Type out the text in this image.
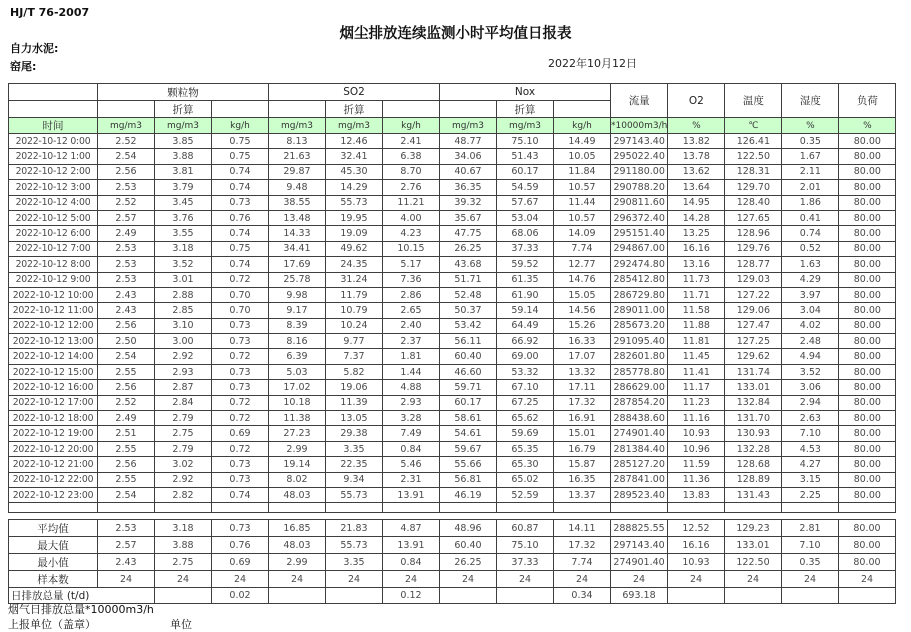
HJ/T 76-2007
烟尘排放连续监测小时平均值日报表
自力水泥:
窑尾:	2022年10月12日
	颗粒物			SO2			Nox			流量	O2	温度	湿度	负荷
		折算			折算			折算						
时间	mg/m3	mg/m3	kg/h	mg/m3	mg/m3	kg/h	mg/m3	mg/m3	kg/h	*10000m3/h	%	℃	%	%
2022-10-12 0:00	2.52	3.85	0.75	8.13	12.46	2.41	48.77	75.10	14.49	297143.40	13.82	126.41	0.35	80.00
2022-10-12 1:00	2.54	3.88	0.75	21.63	32.41	6.38	34.06	51.43	10.05	295022.40	13.78	122.50	1.67	80.00
2022-10-12 2:00	2.56	3.81	0.74	29.87	45.30	8.70	40.67	60.17	11.84	291180.00	13.62	128.31	2.11	80.00
2022-10-12 3:00	2.53	3.79	0.74	9.48	14.29	2.76	36.35	54.59	10.57	290788.20	13.64	129.70	2.01	80.00
2022-10-12 4:00	2.52	3.45	0.73	38.55	55.73	11.21	39.32	57.67	11.44	290811.60	14.95	128.40	1.86	80.00
2022-10-12 5:00	2.57	3.76	0.76	13.48	19.95	4.00	35.67	53.04	10.57	296372.40	14.28	127.65	0.41	80.00
2022-10-12 6:00	2.49	3.55	0.74	14.33	19.09	4.23	47.75	68.06	14.09	295151.40	13.25	128.96	0.74	80.00
2022-10-12 7:00	2.53	3.18	0.75	34.41	49.62	10.15	26.25	37.33	7.74	294867.00	16.16	129.76	0.52	80.00
2022-10-12 8:00	2.53	3.52	0.74	17.69	24.35	5.17	43.68	59.52	12.77	292474.80	13.16	128.77	1.63	80.00
2022-10-12 9:00	2.53	3.01	0.72	25.78	31.24	7.36	51.71	61.35	14.76	285412.80	11.73	129.03	4.29	80.00
2022-10-12 10:00	2.43	2.88	0.70	9.98	11.79	2.86	52.48	61.90	15.05	286729.80	11.71	127.22	3.97	80.00
2022-10-12 11:00	2.43	2.85	0.70	9.17	10.79	2.65	50.37	59.14	14.56	289011.00	11.58	129.06	3.04	80.00
2022-10-12 12:00	2.56	3.10	0.73	8.39	10.24	2.40	53.42	64.49	15.26	285673.20	11.88	127.47	4.02	80.00
2022-10-12 13:00	2.50	3.00	0.73	8.16	9.77	2.37	56.11	66.92	16.33	291095.40	11.81	127.25	2.48	80.00
2022-10-12 14:00	2.54	2.92	0.72	6.39	7.37	1.81	60.40	69.00	17.07	282601.80	11.45	129.62	4.94	80.00
2022-10-12 15:00	2.55	2.93	0.73	5.03	5.82	1.44	46.60	53.32	13.32	285778.80	11.41	131.74	3.52	80.00
2022-10-12 16:00	2.56	2.87	0.73	17.02	19.06	4.88	59.71	67.10	17.11	286629.00	11.17	133.01	3.06	80.00
2022-10-12 17:00	2.52	2.84	0.72	10.18	11.39	2.93	60.17	67.25	17.32	287854.20	11.23	132.84	2.94	80.00
2022-10-12 18:00	2.49	2.79	0.72	11.38	13.05	3.28	58.61	65.62	16.91	288438.60	11.16	131.70	2.63	80.00
2022-10-12 19:00	2.51	2.75	0.69	27.23	29.38	7.49	54.61	59.69	15.01	274901.40	10.93	130.93	7.10	80.00
2022-10-12 20:00	2.55	2.79	0.72	2.99	3.35	0.84	59.67	65.35	16.79	281384.40	10.96	132.28	4.53	80.00
2022-10-12 21:00	2.56	3.02	0.73	19.14	22.35	5.46	55.66	65.30	15.87	285127.20	11.59	128.68	4.27	80.00
2022-10-12 22:00	2.55	2.92	0.73	8.02	9.34	2.31	56.81	65.02	16.35	287841.00	11.36	128.89	3.15	80.00
2022-10-12 23:00	2.54	2.82	0.74	48.03	55.73	13.91	46.19	52.59	13.37	289523.40	13.83	131.43	2.25	80.00

平均值	2.53	3.18	0.73	16.85	21.83	4.87	48.96	60.87	14.11	288825.55	12.52	129.23	2.81	80.00
最大值	2.57	3.88	0.76	48.03	55.73	13.91	60.40	75.10	17.32	297143.40	16.16	133.01	7.10	80.00
最小值	2.43	2.75	0.69	2.99	3.35	0.84	26.25	37.33	7.74	274901.40	10.93	122.50	0.35	80.00
样本数	24	24	24	24	24	24	24	24	24	24	24	24	24	24
日排放总量 (t/d)			0.02			0.12			0.34	693.18				
烟气日排放总量*10000m3/h
上报单位（盖章）	单位
